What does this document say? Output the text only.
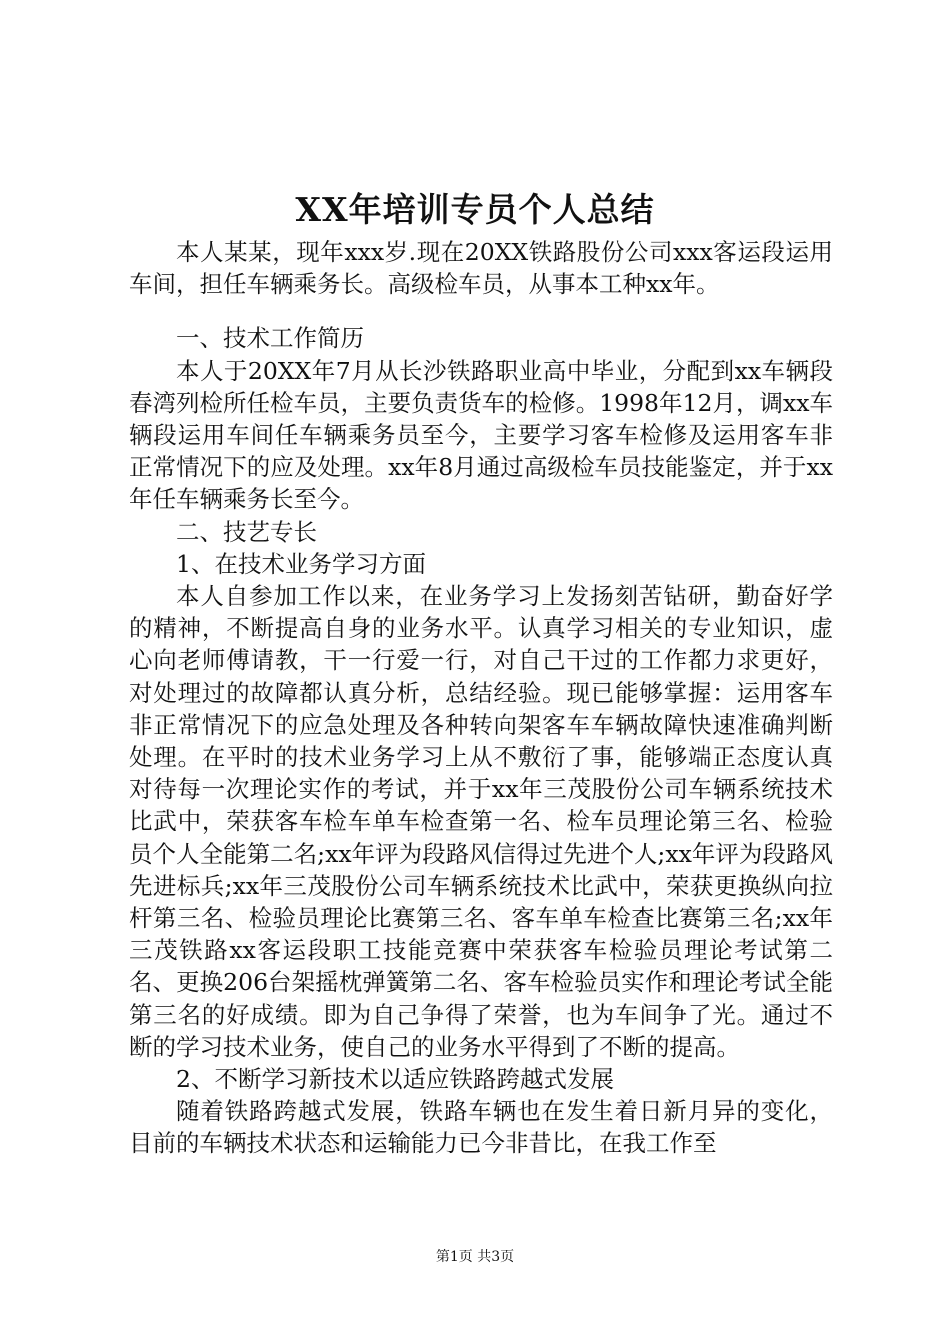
XX年培训专员个人总结

本人某某，现年xxx岁.现在20XX铁路股份公司xxx客运段运用车间，担任车辆乘务长。高级检车员，从事本工种xx年。

一、技术工作简历

本人于20XX年7月从长沙铁路职业高中毕业，分配到xx车辆段春湾列检所任检车员，主要负责货车的检修。1998年12月，调xx车辆段运用车间任车辆乘务员至今，主要学习客车检修及运用客车非正常情况下的应及处理。xx年8月通过高级检车员技能鉴定，并于xx年任车辆乘务长至今。

二、技艺专长

1、在技术业务学习方面

本人自参加工作以来，在业务学习上发扬刻苦钻研，勤奋好学的精神，不断提高自身的业务水平。认真学习相关的专业知识，虚心向老师傅请教，干一行爱一行，对自己干过的工作都力求更好，对处理过的故障都认真分析，总结经验。现已能够掌握：运用客车非正常情况下的应急处理及各种转向架客车车辆故障快速准确判断处理。在平时的技术业务学习上从不敷衍了事，能够端正态度认真对待每一次理论实作的考试，并于xx年三茂股份公司车辆系统技术比武中，荣获客车检车单车检查第一名、检车员理论第三名、检验员个人全能第二名;xx年评为段路风信得过先进个人;xx年评为段路风先进标兵;xx年三茂股份公司车辆系统技术比武中，荣获更换纵向拉杆第三名、检验员理论比赛第三名、客车单车检查比赛第三名;xx年三茂铁路xx客运段职工技能竞赛中荣获客车检验员理论考试第二名、更换206台架摇枕弹簧第二名、客车检验员实作和理论考试全能第三名的好成绩。即为自己争得了荣誉，也为车间争了光。通过不断的学习技术业务，使自己的业务水平得到了不断的提高。

2、不断学习新技术以适应铁路跨越式发展

随着铁路跨越式发展，铁路车辆也在发生着日新月异的变化，目前的车辆技术状态和运输能力已今非昔比，在我工作至

第1页 共3页
